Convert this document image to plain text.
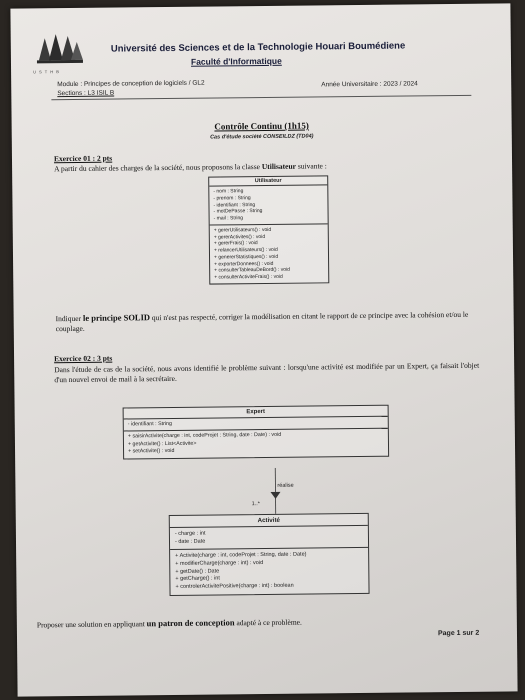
U S T H B
Université des Sciences et de la Technologie Houari Boumédiene
Faculté d'Informatique
Module : Principes de conception de logiciels / GL2
Sections : L3 ISIL B
Année Universitaire : 2023 / 2024
Contrôle Continu (1h15)
Cas d'étude société CONSEILDZ (TD04)
Exercice 01 : 2 pts
A partir du cahier des charges de la société, nous proposons la classe Utilisateur suivante :
Utilisateur
- nom : String
- prenom : String
- identifiant : String
- motDePasse : String
- mail : String
+ gererUtilisateurs() : void
+ gererActivites() : void
+ gererFrais() : void
+ relancerUtilisateurs() : void
+ genererStatistiques() : void
+ exporterDonnees() : void
+ consulterTableauDeBord() : void
+ consulterActiviteFrais() : void
Indiquer le principe SOLID qui n'est pas respecté, corriger la modélisation en citant le rapport de ce principe avec la cohésion et/ou le couplage.
Exercice 02 : 3 pts
Dans l'étude de cas de la société, nous avons identifié le problème suivant : lorsqu'une activité est modifiée par un Expert, ça faisait l'objet d'un nouvel envoi de mail à la secrétaire.
Expert
- identifiant : String
+ saisirActivite(charge : int, codeProjet : String, date : Date) : void
+ getActivite() : List<Activite>
+ setActivite() : void
réalise
1..*
Activité
- charge : int
- date : Date
+ Activite(charge : int, codeProjet : String, date : Date)
+ modifierCharge(charge : int) : void
+ getDate() : Date
+ getCharge() : int
+ controlerActivitePositive(charge : int) : boolean
Proposer une solution en appliquant un patron de conception adapté à ce problème.
Page 1 sur 2
